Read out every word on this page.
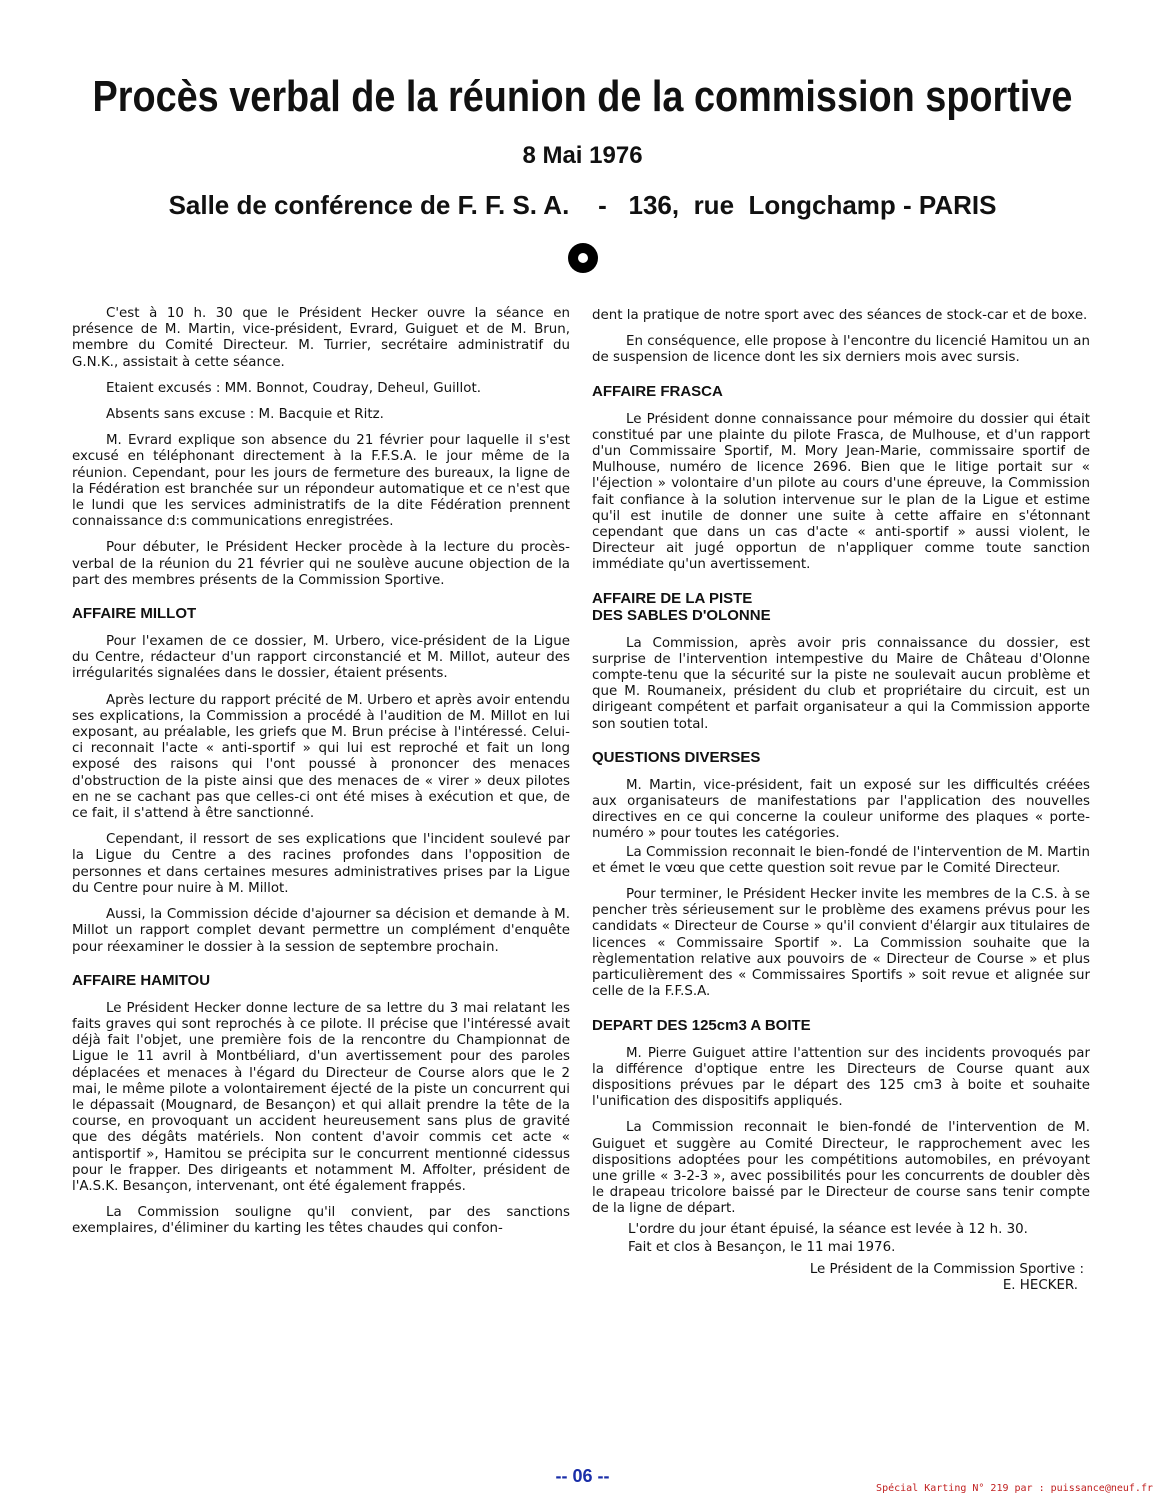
Procès verbal de la réunion de la commission sportive
8 Mai 1976
Salle de conférence de F. F. S. A.    -   136,  rue  Longchamp - PARIS

C'est à 10 h. 30 que le Président Hecker ouvre la séance en présence de M. Martin, vice-président, Evrard, Guiguet et de M. Brun, membre du Comité Directeur. M. Turrier, secrétaire administratif du G.N.K., assistait à cette séance.

Etaient excusés : MM. Bonnot, Coudray, Deheul, Guillot.

Absents sans excuse : M. Bacquie et Ritz.

M. Evrard explique son absence du 21 février pour laquelle il s'est excusé en téléphonant directement à la F.F.S.A. le jour même de la réunion. Cependant, pour les jours de fermeture des bureaux, la ligne de la Fédération est branchée sur un répondeur automatique et ce n'est que le lundi que les services administratifs de la dite Fédération prennent connaissance d:s communications enregistrées.

Pour débuter, le Président Hecker procède à la lecture du procès-verbal de la réunion du 21 février qui ne soulève aucune objection de la part des membres présents de la Commission Sportive.

AFFAIRE MILLOT

Pour l'examen de ce dossier, M. Urbero, vice-président de la Ligue du Centre, rédacteur d'un rapport circonstancié et M. Millot, auteur des irrégularités signalées dans le dossier, étaient présents.

Après lecture du rapport précité de M. Urbero et après avoir entendu ses explications, la Commission a procédé à l'audition de M. Millot en lui exposant, au préalable, les griefs que M. Brun précise à l'intéressé. Celui-ci reconnait l'acte « anti-sportif » qui lui est reproché et fait un long exposé des raisons qui l'ont poussé à prononcer des menaces d'obstruction de la piste ainsi que des menaces de « virer » deux pilotes en ne se cachant pas que celles-ci ont été mises à exécution et que, de ce fait, il s'attend à être sanctionné.

Cependant, il ressort de ses explications que l'incident soulevé par la Ligue du Centre a des racines profondes dans l'opposition de personnes et dans certaines mesures administratives prises par la Ligue du Centre pour nuire à M. Millot.

Aussi, la Commission décide d'ajourner sa décision et demande à M. Millot un rapport complet devant permettre un complément d'enquête pour réexaminer le dossier à la session de septembre prochain.

AFFAIRE HAMITOU

Le Président Hecker donne lecture de sa lettre du 3 mai relatant les faits graves qui sont reprochés à ce pilote. Il précise que l'intéressé avait déjà fait l'objet, une première fois de la rencontre du Championnat de Ligue le 11 avril à Montbéliard, d'un avertissement pour des paroles déplacées et menaces à l'égard du Directeur de Course alors que le 2 mai, le même pilote a volontairement éjecté de la piste un concurrent qui le dépassait (Mougnard, de Besançon) et qui allait prendre la tête de la course, en provoquant un accident heureusement sans plus de gravité que des dégâts matériels. Non content d'avoir commis cet acte « antisportif », Hamitou se précipita sur le concurrent mentionné cidessus pour le frapper. Des dirigeants et notamment M. Affolter, président de l'A.S.K. Besançon, intervenant, ont été également frappés.

La Commission souligne qu'il convient, par des sanctions exemplaires, d'éliminer du karting les têtes chaudes qui confon-

dent la pratique de notre sport avec des séances de stock-car et de boxe.

En conséquence, elle propose à l'encontre du licencié Hamitou un an de suspension de licence dont les six derniers mois avec sursis.

AFFAIRE FRASCA

Le Président donne connaissance pour mémoire du dossier qui était constitué par une plainte du pilote Frasca, de Mulhouse, et d'un rapport d'un Commissaire Sportif, M. Mory Jean-Marie, commissaire sportif de Mulhouse, numéro de licence 2696. Bien que le litige portait sur « l'éjection » volontaire d'un pilote au cours d'une épreuve, la Commission fait confiance à la solution intervenue sur le plan de la Ligue et estime qu'il est inutile de donner une suite à cette affaire en s'étonnant cependant que dans un cas d'acte « anti-sportif » aussi violent, le Directeur ait jugé opportun de n'appliquer comme toute sanction immédiate qu'un avertissement.

AFFAIRE DE LA PISTE
DES SABLES D'OLONNE

La Commission, après avoir pris connaissance du dossier, est surprise de l'intervention intempestive du Maire de Château d'Olonne compte-tenu que la sécurité sur la piste ne soulevait aucun problème et que M. Roumaneix, président du club et propriétaire du circuit, est un dirigeant compétent et parfait organisateur a qui la Commission apporte son soutien total.

QUESTIONS DIVERSES

M. Martin, vice-président, fait un exposé sur les difficultés créées aux organisateurs de manifestations par l'application des nouvelles directives en ce qui concerne la couleur uniforme des plaques « porte-numéro » pour toutes les catégories.

La Commission reconnait le bien-fondé de l'intervention de M. Martin et émet le vœu que cette question soit revue par le Comité Directeur.

Pour terminer, le Président Hecker invite les membres de la C.S. à se pencher très sérieusement sur le problème des examens prévus pour les candidats « Directeur de Course » qu'il convient d'élargir aux titulaires de licences « Commissaire Sportif ». La Commission souhaite que la règlementation relative aux pouvoirs de « Directeur de Course » et plus particulièrement des « Commissaires Sportifs » soit revue et alignée sur celle de la F.F.S.A.

DEPART DES 125cm3 A BOITE

M. Pierre Guiguet attire l'attention sur des incidents provoqués par la différence d'optique entre les Directeurs de Course quant aux dispositions prévues par le départ des 125 cm3 à boite et souhaite l'unification des dispositifs appliqués.

La Commission reconnait le bien-fondé de l'intervention de M. Guiguet et suggère au Comité Directeur, le rapprochement avec les dispositions adoptées pour les compétitions automobiles, en prévoyant une grille « 3-2-3 », avec possibilités pour les concurrents de doubler dès le drapeau tricolore baissé par le Directeur de course sans tenir compte de la ligne de départ.

L'ordre du jour étant épuisé, la séance est levée à 12 h. 30.

Fait et clos à Besançon, le 11 mai 1976.

Le Président de la Commission Sportive :
E. HECKER.
-- 06 --
Spécial Karting N° 219 par : puissance@neuf.fr
